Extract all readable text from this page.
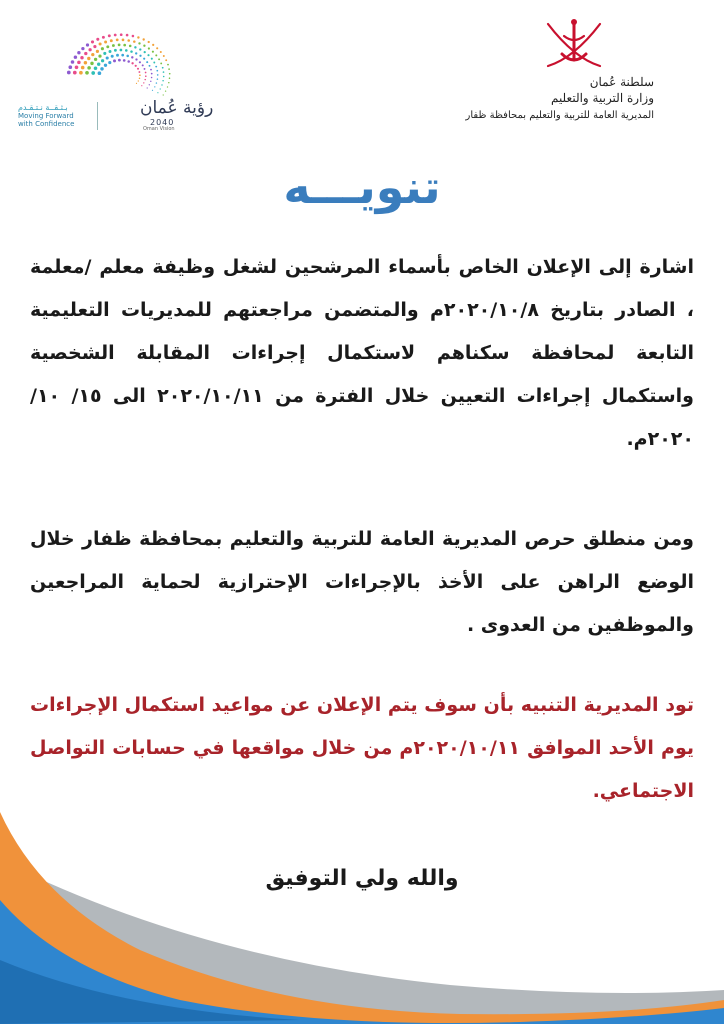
سلطنة عُمان
وزارة التربية والتعليم
المديرية العامة للتربية والتعليم بمحافظة ظفار
رؤية عُمان
2040
Oman Vision
بـثـقــة نـتـقـدم
Moving Forward
with Confidence
تنويـــه
اشارة إلى الإعلان الخاص بأسماء المرشحين لشغل وظيفة معلم /معلمة ، الصادر بتاريخ ٢٠٢٠/١٠/٨م والمتضمن مراجعتهم للمديريات التعليمية التابعة لمحافظة سكناهم لاستكمال إجراءات المقابلة الشخصية واستكمال إجراءات التعيين خلال الفترة من ٢٠٢٠/١٠/١١ الى ١٥/ ١٠/ ٢٠٢٠م.
ومن منطلق حرص المديرية العامة للتربية والتعليم بمحافظة ظفار خلال الوضع الراهن على الأخذ بالإجراءات الإحترازية لحماية المراجعين والموظفين من العدوى .
تود المديرية التنبيه بأن سوف يتم الإعلان عن مواعيد استكمال الإجراءات يوم الأحد الموافق ٢٠٢٠/١٠/١١م من خلال مواقعها في حسابات التواصل الاجتماعي.
والله ولي التوفيق
